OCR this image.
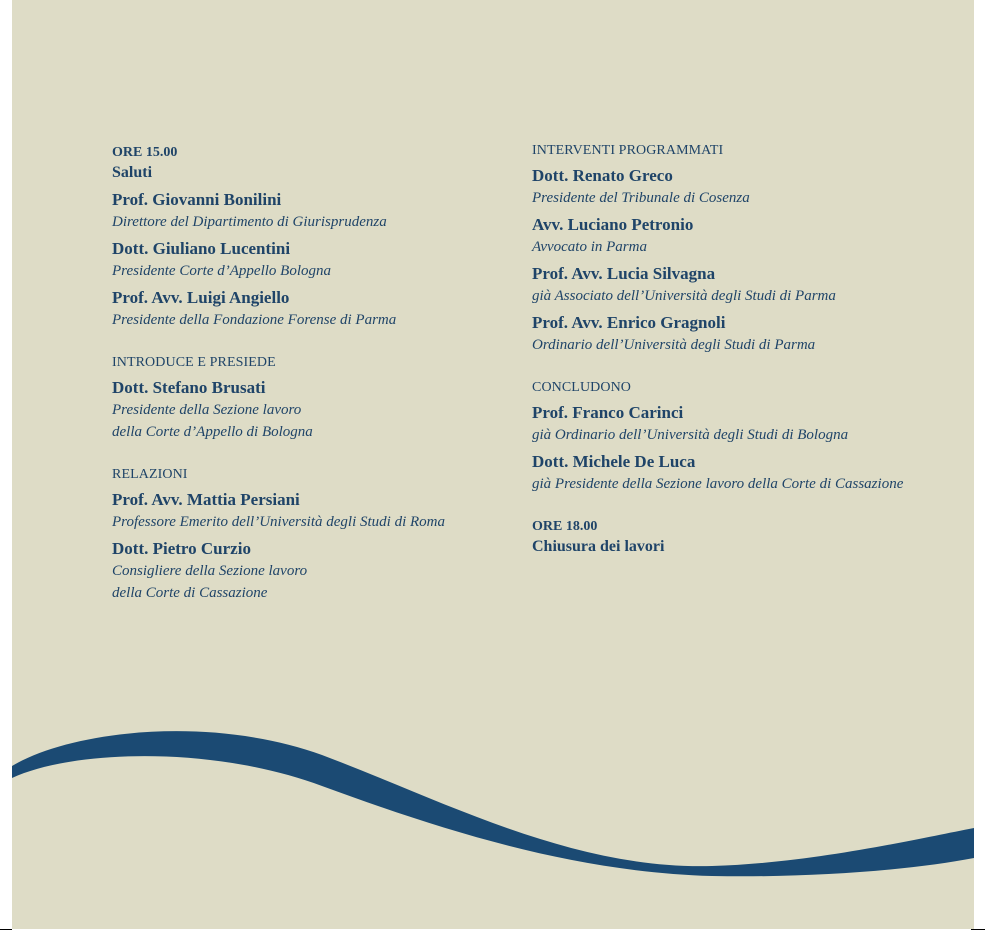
ORE 15.00
Saluti
Prof. Giovanni Bonilini
Direttore del Dipartimento di Giurisprudenza
Dott. Giuliano Lucentini
Presidente Corte d’Appello Bologna
Prof. Avv. Luigi Angiello
Presidente della Fondazione Forense di Parma
INTRODUCE E PRESIEDE
Dott. Stefano Brusati
Presidente della Sezione lavoro
della Corte d’Appello di Bologna
RELAZIONI
Prof. Avv. Mattia Persiani
Professore Emerito dell’Università degli Studi di Roma
Dott. Pietro Curzio
Consigliere della Sezione lavoro
della Corte di Cassazione
INTERVENTI PROGRAMMATI
Dott. Renato Greco
Presidente del Tribunale di Cosenza
Avv. Luciano Petronio
Avvocato in Parma
Prof. Avv. Lucia Silvagna
già Associato dell’Università degli Studi di Parma
Prof. Avv. Enrico Gragnoli
Ordinario dell’Università degli Studi di Parma
CONCLUDONO
Prof. Franco Carinci
già Ordinario dell’Università degli Studi di Bologna
Dott. Michele De Luca
già Presidente della Sezione lavoro della Corte di Cassazione
ORE 18.00
Chiusura dei lavori
